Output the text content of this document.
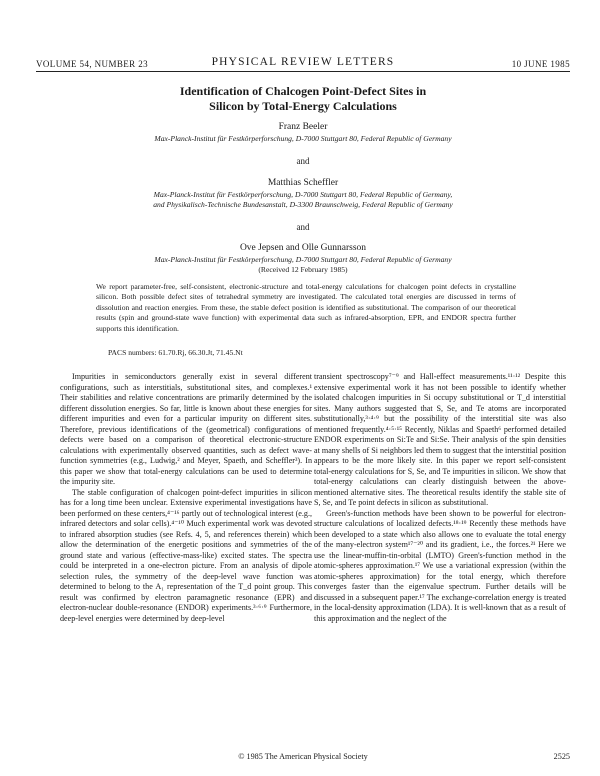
VOLUME 54, NUMBER 23	PHYSICAL REVIEW LETTERS	10 JUNE 1985
Identification of Chalcogen Point-Defect Sites in
Silicon by Total-Energy Calculations
Franz Beeler
Max-Planck-Institut für Festkörperforschung, D-7000 Stuttgart 80, Federal Republic of Germany
and
Matthias Scheffler
Max-Planck-Institut für Festkörperforschung, D-7000 Stuttgart 80, Federal Republic of Germany,
and Physikalisch-Technische Bundesanstalt, D-3300 Braunschweig, Federal Republic of Germany
and
Ove Jepsen and Olle Gunnarsson
Max-Planck-Institut für Festkörperforschung, D-7000 Stuttgart 80, Federal Republic of Germany
(Received 12 February 1985)
We report parameter-free, self-consistent, electronic-structure and total-energy calculations for chalcogen point defects in crystalline silicon. Both possible defect sites of tetrahedral symmetry are investigated. The calculated total energies are discussed in terms of dissolution and reaction energies. From these, the stable defect position is identified as substitutional. The comparison of our theoretical results (spin and ground-state wave function) with experimental data such as infrared-absorption, EPR, and ENDOR spectra further supports this identification.
PACS numbers: 61.70.Rj, 66.30.Jt, 71.45.Nt

Impurities in semiconductors generally exist in several different configurations, such as interstitials, substitutional sites, and complexes.¹ Their stabilities and relative concentrations are primarily determined by the different dissolution energies. So far, little is known about these energies for different impurities and even for a particular impurity on different sites. Therefore, previous identifications of the (geometrical) configurations of defects were based on a comparison of theoretical electronic-structure calculations with experimentally observed quantities, such as defect wave-function symmetries (e.g., Ludwig,² and Meyer, Spaeth, and Scheffler³). In this paper we show that total-energy calculations can be used to determine the impurity site.

The stable configuration of chalcogen point-defect impurities in silicon has for a long time been unclear. Extensive experimental investigations have been performed on these centers,⁴⁻¹⁶ partly out of technological interest (e.g., infrared detectors and solar cells).⁴⁻¹⁰ Much experimental work was devoted to infrared absorption studies (see Refs. 4, 5, and references therein) which allow the determination of the energetic positions and symmetries of the ground state and various (effective-mass-like) excited states. The spectra could be interpreted in a one-electron picture. From an analysis of dipole selection rules, the symmetry of the deep-level wave function was determined to belong to the A₁ representation of the T_d point group. This result was confirmed by electron paramagnetic resonance (EPR) and electron-nuclear double-resonance (ENDOR) experiments.³·⁶·⁹ Furthermore, deep-level energies were determined by deep-level

transient spectroscopy⁷⁻⁹ and Hall-effect measurements.¹¹·¹² Despite this extensive experimental work it has not been possible to identify whether isolated chalcogen impurities in Si occupy substitutional or T_d interstitial sites. Many authors suggested that S, Se, and Te atoms are incorporated substitutionally,³·⁴·⁹ but the possibility of the interstitial site was also mentioned frequently.⁴·⁵·¹⁵ Recently, Niklas and Spaeth⁶ performed detailed ENDOR experiments on Si:Te and Si:Se. Their analysis of the spin densities at many shells of Si neighbors led them to suggest that the interstitial position appears to be the more likely site. In this paper we report self-consistent total-energy calculations for S, Se, and Te impurities in silicon. We show that total-energy calculations can clearly distinguish between the above-mentioned alternative sites. The theoretical results identify the stable site of S, Se, and Te point defects in silicon as substitutional.

Green's-function methods have been shown to be powerful for electron-structure calculations of localized defects.¹⁸·¹⁹ Recently these methods have been developed to a state which also allows one to evaluate the total energy of the many-electron system¹⁷⁻²⁰ and its gradient, i.e., the forces.²¹ Here we use the linear-muffin-tin-orbital (LMTO) Green's-function method in the atomic-spheres approximation.¹⁷ We use a variational expression (within the atomic-spheres approximation) for the total energy, which therefore converges faster than the eigenvalue spectrum. Further details will be discussed in a subsequent paper.¹⁷ The exchange-correlation energy is treated in the local-density approximation (LDA). It is well-known that as a result of this approximation and the neglect of the

© 1985 The American Physical Society	2525
